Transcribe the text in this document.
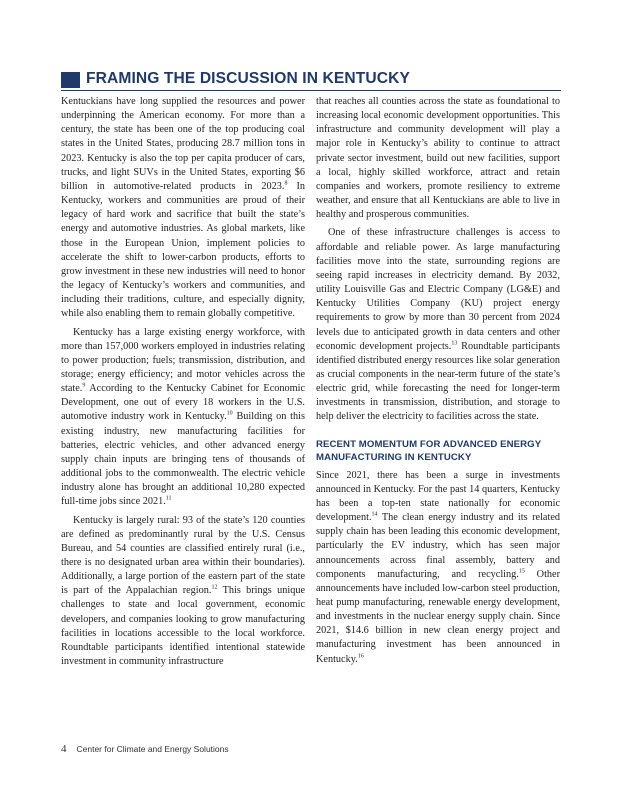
FRAMING THE DISCUSSION IN KENTUCKY

Kentuckians have long supplied the resources and power underpinning the American economy. For more than a century, the state has been one of the top producing coal states in the United States, producing 28.7 million tons in 2023. Kentucky is also the top per capita producer of cars, trucks, and light SUVs in the United States, exporting $6 billion in automotive-related products in 2023.$^8$ In Kentucky, workers and communities are proud of their legacy of hard work and sacrifice that built the state’s energy and automotive industries. As global markets, like those in the European Union, implement policies to accelerate the shift to lower-carbon products, efforts to grow investment in these new industries will need to honor the legacy of Kentucky’s workers and communities, and including their traditions, culture, and especially dignity, while also enabling them to remain globally competitive.

Kentucky has a large existing energy workforce, with more than 157,000 workers employed in industries relating to power production; fuels; transmission, distribution, and storage; energy efficiency; and motor vehicles across the state.$^9$ According to the Kentucky Cabinet for Economic Development, one out of every 18 workers in the U.S. automotive industry work in Kentucky.$^{10}$ Building on this existing industry, new manufacturing facilities for batteries, electric vehicles, and other advanced energy supply chain inputs are bringing tens of thousands of additional jobs to the commonwealth. The electric vehicle industry alone has brought an additional 10,280 expected full-time jobs since 2021.11

Kentucky is largely rural: 93 of the state’s 120 counties are defined as predominantly rural by the U.S. Census Bureau, and 54 counties are classified entirely rural (i.e., there is no designated urban area within their boundaries). Additionally, a large portion of the eastern part of the state is part of the Appalachian region.$^{12}$ This brings unique challenges to state and local government, economic developers, and companies looking to grow manufacturing facilities in locations accessible to the local workforce. Roundtable participants identified intentional statewide investment in community infrastructure

that reaches all counties across the state as foundational to increasing local economic development opportunities. This infrastructure and community development will play a major role in Kentucky’s ability to continue to attract private sector investment, build out new facilities, support a local, highly skilled workforce, attract and retain companies and workers, promote resiliency to extreme weather, and ensure that all Kentuckians are able to live in healthy and prosperous communities.

One of these infrastructure challenges is access to affordable and reliable power. As large manufacturing facilities move into the state, surrounding regions are seeing rapid increases in electricity demand. By 2032, utility Louisville Gas and Electric Company (LG&E) and Kentucky Utilities Company (KU) project energy requirements to grow by more than 30 percent from 2024 levels due to anticipated growth in data centers and other economic development projects.$^{13}$ Roundtable participants identified distributed energy resources like solar generation as crucial components in the near-term future of the state’s electric grid, while forecasting the need for longer-term investments in transmission, distribution, and storage to help deliver the electricity to facilities across the state.

RECENT MOMENTUM FOR ADVANCED ENERGY MANUFACTURING IN KENTUCKY

Since 2021, there has been a surge in investments announced in Kentucky. For the past 14 quarters, Kentucky has been a top-ten state nationally for economic development.$^{14}$ The clean energy industry and its related supply chain has been leading this economic development, particularly the EV industry, which has seen major announcements across final assembly, battery and components manufacturing, and recycling.$^{15}$ Other announcements have included low-carbon steel production, heat pump manufacturing, renewable energy development, and investments in the nuclear energy supply chain. Since 2021, $14.6 billion in new clean energy project and manufacturing investment has been announced in Kentucky.$^{16}$

4 Center for Climate and Energy Solutions
